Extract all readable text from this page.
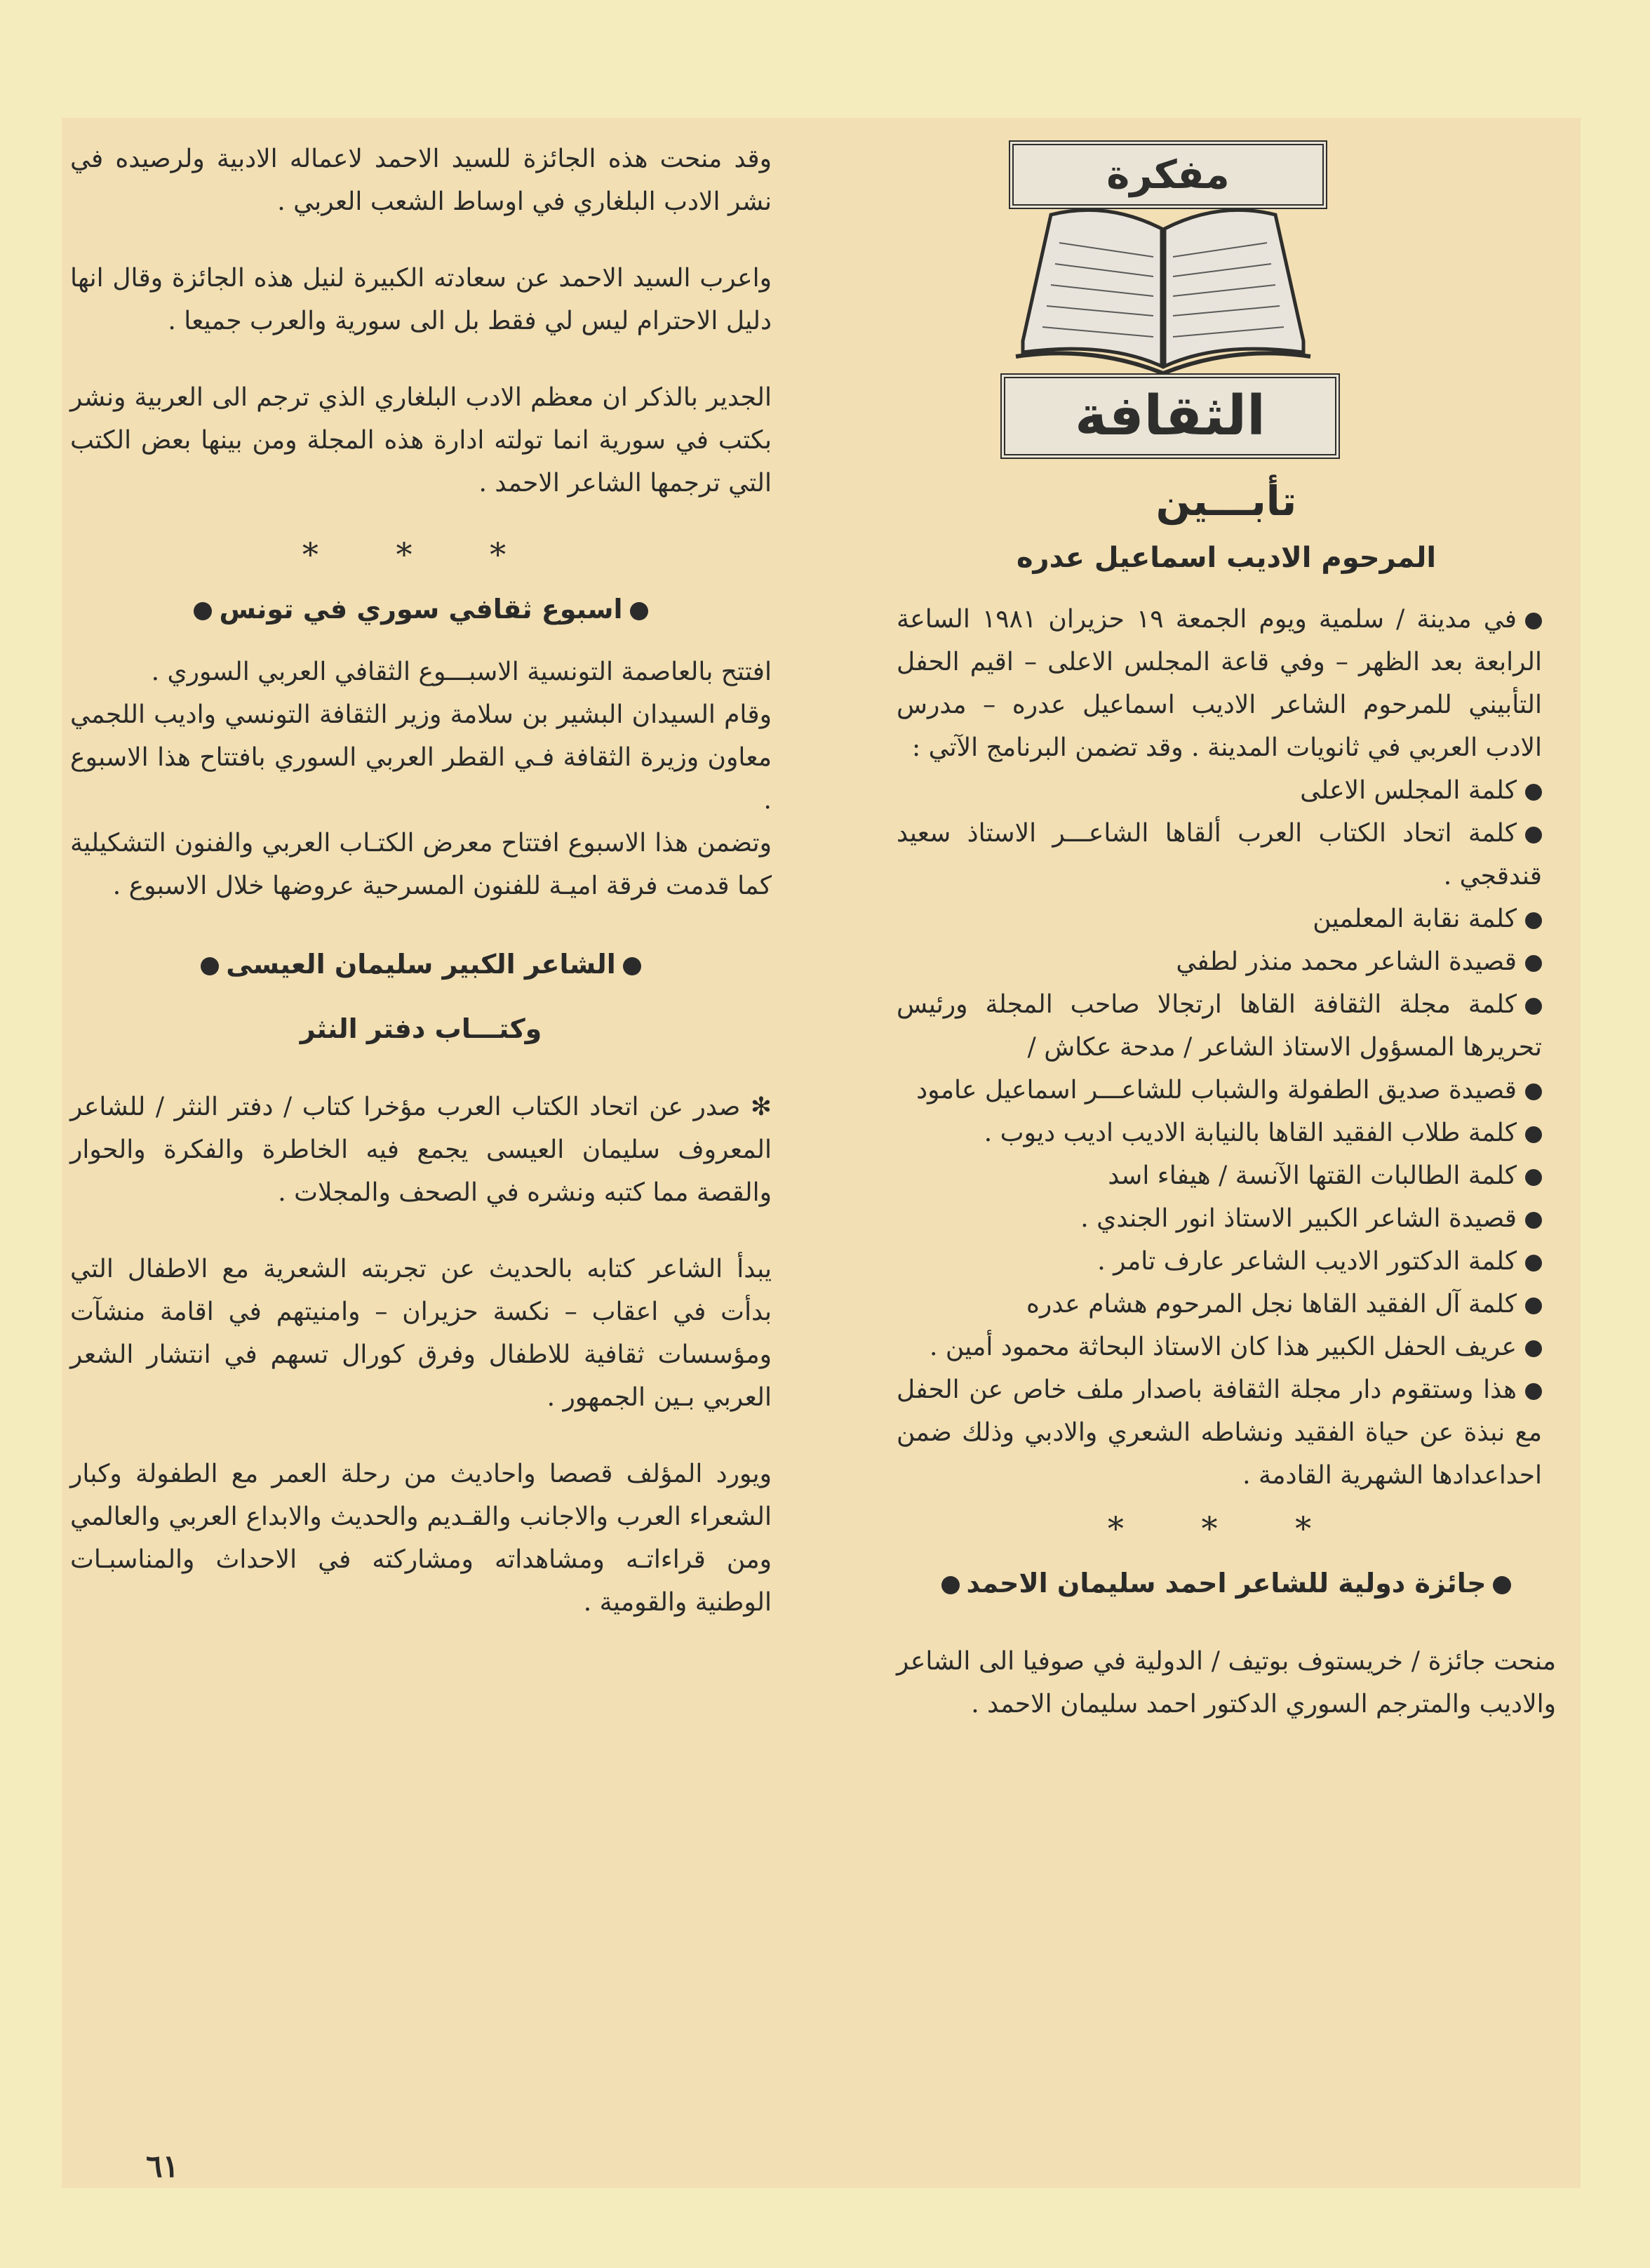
وقد منحت هذه الجائزة للسيد الاحمد لاعماله الادبية ولرصيده في نشر الادب البلغاري في اوساط الشعب العربي .

واعرب السيد الاحمد عن سعادته الكبيرة لنيل هذه الجائزة وقال انها دليل الاحترام ليس لي فقط بل الى سورية والعرب جميعا .

الجدير بالذكر ان معظم الادب البلغاري الذي ترجم الى العربية ونشر بكتب في سورية انما تولته ادارة هذه المجلة ومن بينها بعض الكتب التي ترجمها الشاعر الاحمد .

* * *
اسبوع ثقافي سوري في تونس

افتتح بالعاصمة التونسية الاسبـــوع الثقافي العربي السوري .

وقام السيدان البشير بن سلامة وزير الثقافة التونسي واديب اللجمي معاون وزيرة الثقافة فـي القطر العربي السوري بافتتاح هذا الاسبوع .

وتضمن هذا الاسبوع افتتاح معرض الكتـاب العربي والفنون التشكيلية كما قدمت فرقة اميـة للفنون المسرحية عروضها خلال الاسبوع .

الشاعر الكبير سليمان العيسى
وكتـــاب دفتر النثر

✻ صدر عن اتحاد الكتاب العرب مؤخرا كتاب / دفتر النثر / للشاعر المعروف سليمان العيسى يجمع فيه الخاطرة والفكرة والحوار والقصة مما كتبه ونشره في الصحف والمجلات .

يبدأ الشاعر كتابه بالحديث عن تجربته الشعرية مع الاطفال التي بدأت في اعقاب – نكسة حزيران – وامنيتهم في اقامة منشآت ومؤسسات ثقافية للاطفال وفرق كورال تسهم في انتشار الشعر العربي بـين الجمهور .

ويورد المؤلف قصصا واحاديث من رحلة العمر مع الطفولة وكبار الشعراء العرب والاجانب والقـديم والحديث والابداع العربي والعالمي ومن قراءاتـه ومشاهداته ومشاركته في الاحداث والمناسبـات الوطنية والقومية .

مفكرة
الثقافة
تأبـــين
المرحوم الاديب اسماعيل عدره

في مدينة / سلمية ويوم الجمعة ١٩ حزيران ١٩٨١ الساعة الرابعة بعد الظهر – وفي قاعة المجلس الاعلى – اقيم الحفل التأبيني للمرحوم الشاعر الاديب اسماعيل عدره – مدرس الادب العربي في ثانويات المدينة . وقد تضمن البرنامج الآتي :

كلمة المجلس الاعلى

كلمة اتحاد الكتاب العرب ألقاها الشاعـــر الاستاذ سعيد قندقجي .

كلمة نقابة المعلمين

قصيدة الشاعر محمد منذر لطفي

كلمة مجلة الثقافة القاها ارتجالا صاحب المجلة ورئيس تحريرها المسؤول الاستاذ الشاعر / مدحة عكاش /

قصيدة صديق الطفولة والشباب للشاعـــر اسماعيل عامود

كلمة طلاب الفقيد القاها بالنيابة الاديب اديب ديوب .

كلمة الطالبات القتها الآنسة / هيفاء اسد

قصيدة الشاعر الكبير الاستاذ انور الجندي .

كلمة الدكتور الاديب الشاعر عارف تامر .

كلمة آل الفقيد القاها نجل المرحوم هشام عدره

عريف الحفل الكبير هذا كان الاستاذ البحاثة محمود أمين .

هذا وستقوم دار مجلة الثقافة باصدار ملف خاص عن الحفل مع نبذة عن حياة الفقيد ونشاطه الشعري والادبي وذلك ضمن احداعدادها الشهرية القادمة .

* * *
جائزة دولية للشاعر احمد سليمان الاحمد

منحت جائزة / خريستوف بوتيف / الدولية في صوفيا الى الشاعر والاديب والمترجم السوري الدكتور احمد سليمان الاحمد .

٦١
